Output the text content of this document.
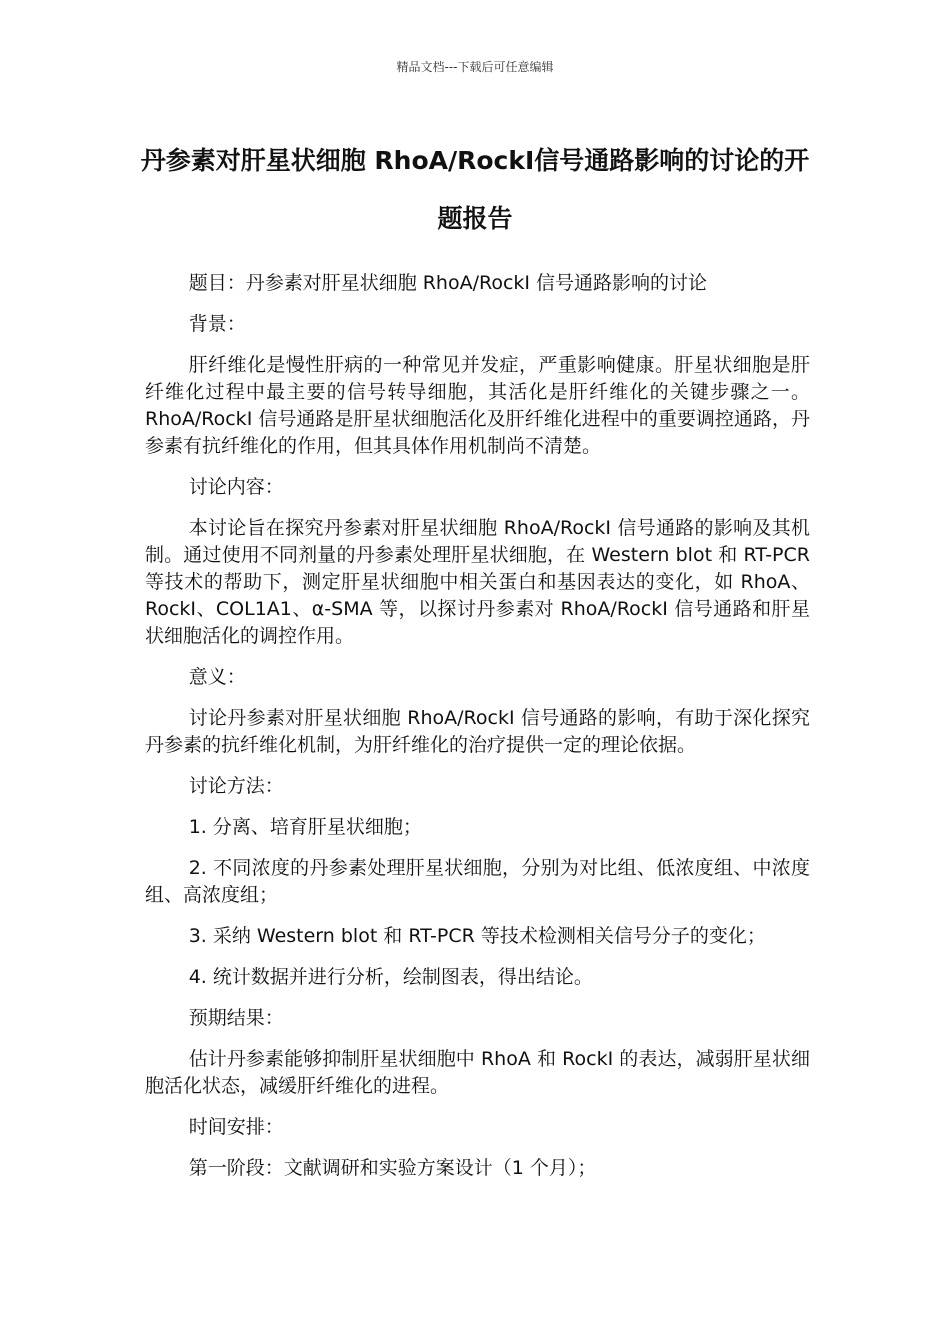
精品文档---下载后可任意编辑
丹参素对肝星状细胞 RhoA/RockⅠ信号通路影响的讨论的开题报告

题目：丹参素对肝星状细胞 RhoA/RockI 信号通路影响的讨论

背景：

肝纤维化是慢性肝病的一种常见并发症，严重影响健康。肝星状细胞是肝纤维化过程中最主要的信号转导细胞，其活化是肝纤维化的关键步骤之一。RhoA/RockI 信号通路是肝星状细胞活化及肝纤维化进程中的重要调控通路，丹参素有抗纤维化的作用，但其具体作用机制尚不清楚。

讨论内容：

本讨论旨在探究丹参素对肝星状细胞 RhoA/RockI 信号通路的影响及其机制。通过使用不同剂量的丹参素处理肝星状细胞，在 Western blot 和 RT-PCR 等技术的帮助下，测定肝星状细胞中相关蛋白和基因表达的变化，如 RhoA、RockI、COL1A1、α-SMA 等，以探讨丹参素对 RhoA/RockI 信号通路和肝星状细胞活化的调控作用。

意义：

讨论丹参素对肝星状细胞 RhoA/RockI 信号通路的影响，有助于深化探究丹参素的抗纤维化机制，为肝纤维化的治疗提供一定的理论依据。

讨论方法：

1. 分离、培育肝星状细胞；

2. 不同浓度的丹参素处理肝星状细胞，分别为对比组、低浓度组、中浓度组、高浓度组；

3. 采纳 Western blot 和 RT-PCR 等技术检测相关信号分子的变化；

4. 统计数据并进行分析，绘制图表，得出结论。

预期结果：

估计丹参素能够抑制肝星状细胞中 RhoA 和 RockI 的表达，减弱肝星状细胞活化状态，减缓肝纤维化的进程。

时间安排：

第一阶段：文献调研和实验方案设计（1 个月）；
